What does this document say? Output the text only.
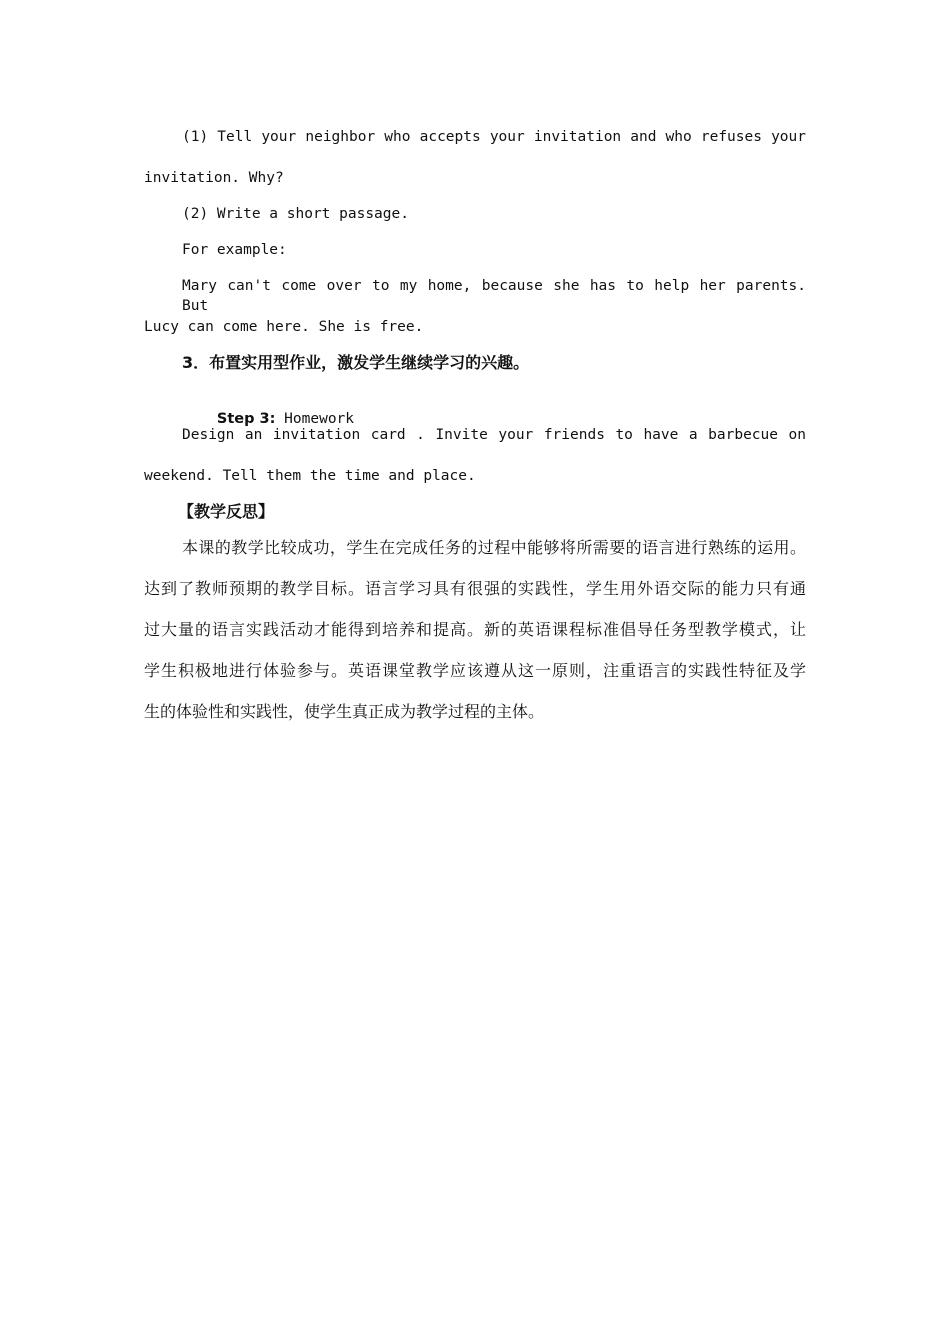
(1) Tell your neighbor who accepts your invitation and who refuses your
invitation. Why?
(2) Write a short passage.
For example:
Mary can't come over to my home, because she has to help her parents. But
Lucy can come here. She is free.
3．布置实用型作业，激发学生继续学习的兴趣。

Step 3: Homework

Design an invitation card . Invite your friends to have a barbecue on
weekend. Tell them the time and place.
【教学反思】
本课的教学比较成功，学生在完成任务的过程中能够将所需要的语言进行熟练的运用。
达到了教师预期的教学目标。语言学习具有很强的实践性，学生用外语交际的能力只有通
过大量的语言实践活动才能得到培养和提高。新的英语课程标准倡导任务型教学模式，让
学生积极地进行体验参与。英语课堂教学应该遵从这一原则，注重语言的实践性特征及学
生的体验性和实践性，使学生真正成为教学过程的主体。
